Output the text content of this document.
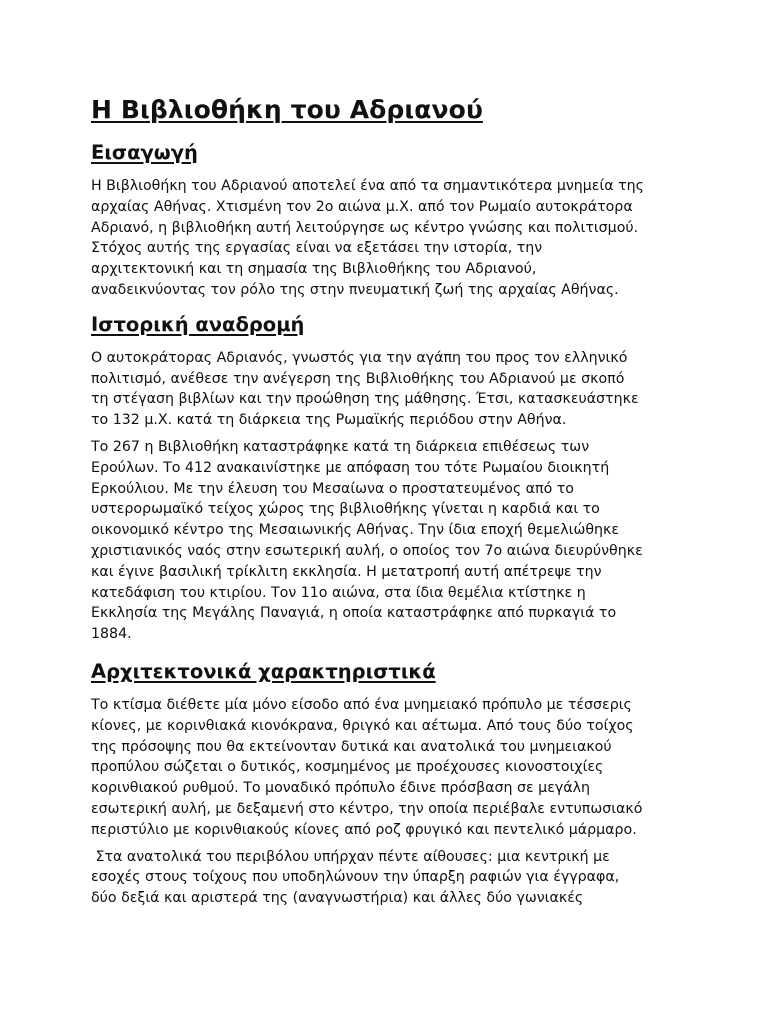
Η Βιβλιοθήκη του Αδριανού
Εισαγωγή

Η Βιβλιοθήκη του Αδριανού αποτελεί ένα από τα σημαντικότερα μνημεία της
αρχαίας Αθήνας. Χτισμένη τον 2ο αιώνα μ.Χ. από τον Ρωμαίο αυτοκράτορα
Αδριανό, η βιβλιοθήκη αυτή λειτούργησε ως κέντρο γνώσης και πολιτισμού.
Στόχος αυτής της εργασίας είναι να εξετάσει την ιστορία, την
αρχιτεκτονική και τη σημασία της Βιβλιοθήκης του Αδριανού,
αναδεικνύοντας τον ρόλο της στην πνευματική ζωή της αρχαίας Αθήνας.

Ιστορική αναδρομή

Ο αυτοκράτορας Αδριανός, γνωστός για την αγάπη του προς τον ελληνικό
πολιτισμό, ανέθεσε την ανέγερση της Βιβλιοθήκης του Αδριανού με σκοπό
τη στέγαση βιβλίων και την προώθηση της μάθησης. Έτσι, κατασκευάστηκε
το 132 μ.Χ. κατά τη διάρκεια της Ρωμαϊκής περιόδου στην Αθήνα.

Το 267 η Βιβλιοθήκη καταστράφηκε κατά τη διάρκεια επιθέσεως των
Ερούλων. Το 412 ανακαινίστηκε με απόφαση του τότε Ρωμαίου διοικητή
Ερκούλιου. Με την έλευση του Μεσαίωνα ο προστατευμένος από το
υστερορωμαϊκό τείχος χώρος της βιβλιοθήκης γίνεται η καρδιά και το
οικονομικό κέντρο της Μεσαιωνικής Αθήνας. Την ίδια εποχή θεμελιώθηκε
χριστιανικός ναός στην εσωτερική αυλή, ο οποίος τον 7ο αιώνα διευρύνθηκε
και έγινε βασιλική τρίκλιτη εκκλησία. Η μετατροπή αυτή απέτρεψε την
κατεδάφιση του κτιρίου. Τον 11ο αιώνα, στα ίδια θεμέλια κτίστηκε η
Εκκλησία της Μεγάλης Παναγιά, η οποία καταστράφηκε από πυρκαγιά το
1884.

Αρχιτεκτονικά χαρακτηριστικά

Το κτίσμα διέθετε μία μόνο είσοδο από ένα μνημειακό πρόπυλο με τέσσερις
κίονες, με κορινθιακά κιονόκρανα, θριγκό και αέτωμα. Από τους δύο τοίχος
της πρόσοψης που θα εκτείνονταν δυτικά και ανατολικά του μνημειακού
προπύλου σώζεται ο δυτικός, κοσμημένος με προέχουσες κιονοστοιχίες
κορινθιακού ρυθμού. Το μοναδικό πρόπυλο έδινε πρόσβαση σε μεγάλη
εσωτερική αυλή, με δεξαμενή στο κέντρο, την οποία περιέβαλε εντυπωσιακό
περιστύλιο με κορινθιακούς κίονες από ροζ φρυγικό και πεντελικό μάρμαρο.

Στα ανατολικά του περιβόλου υπήρχαν πέντε αίθουσες: μια κεντρική με
εσοχές στους τοίχους που υποδηλώνουν την ύπαρξη ραφιών για έγγραφα,
δύο δεξιά και αριστερά της (αναγνωστήρια) και άλλες δύο γωνιακές
